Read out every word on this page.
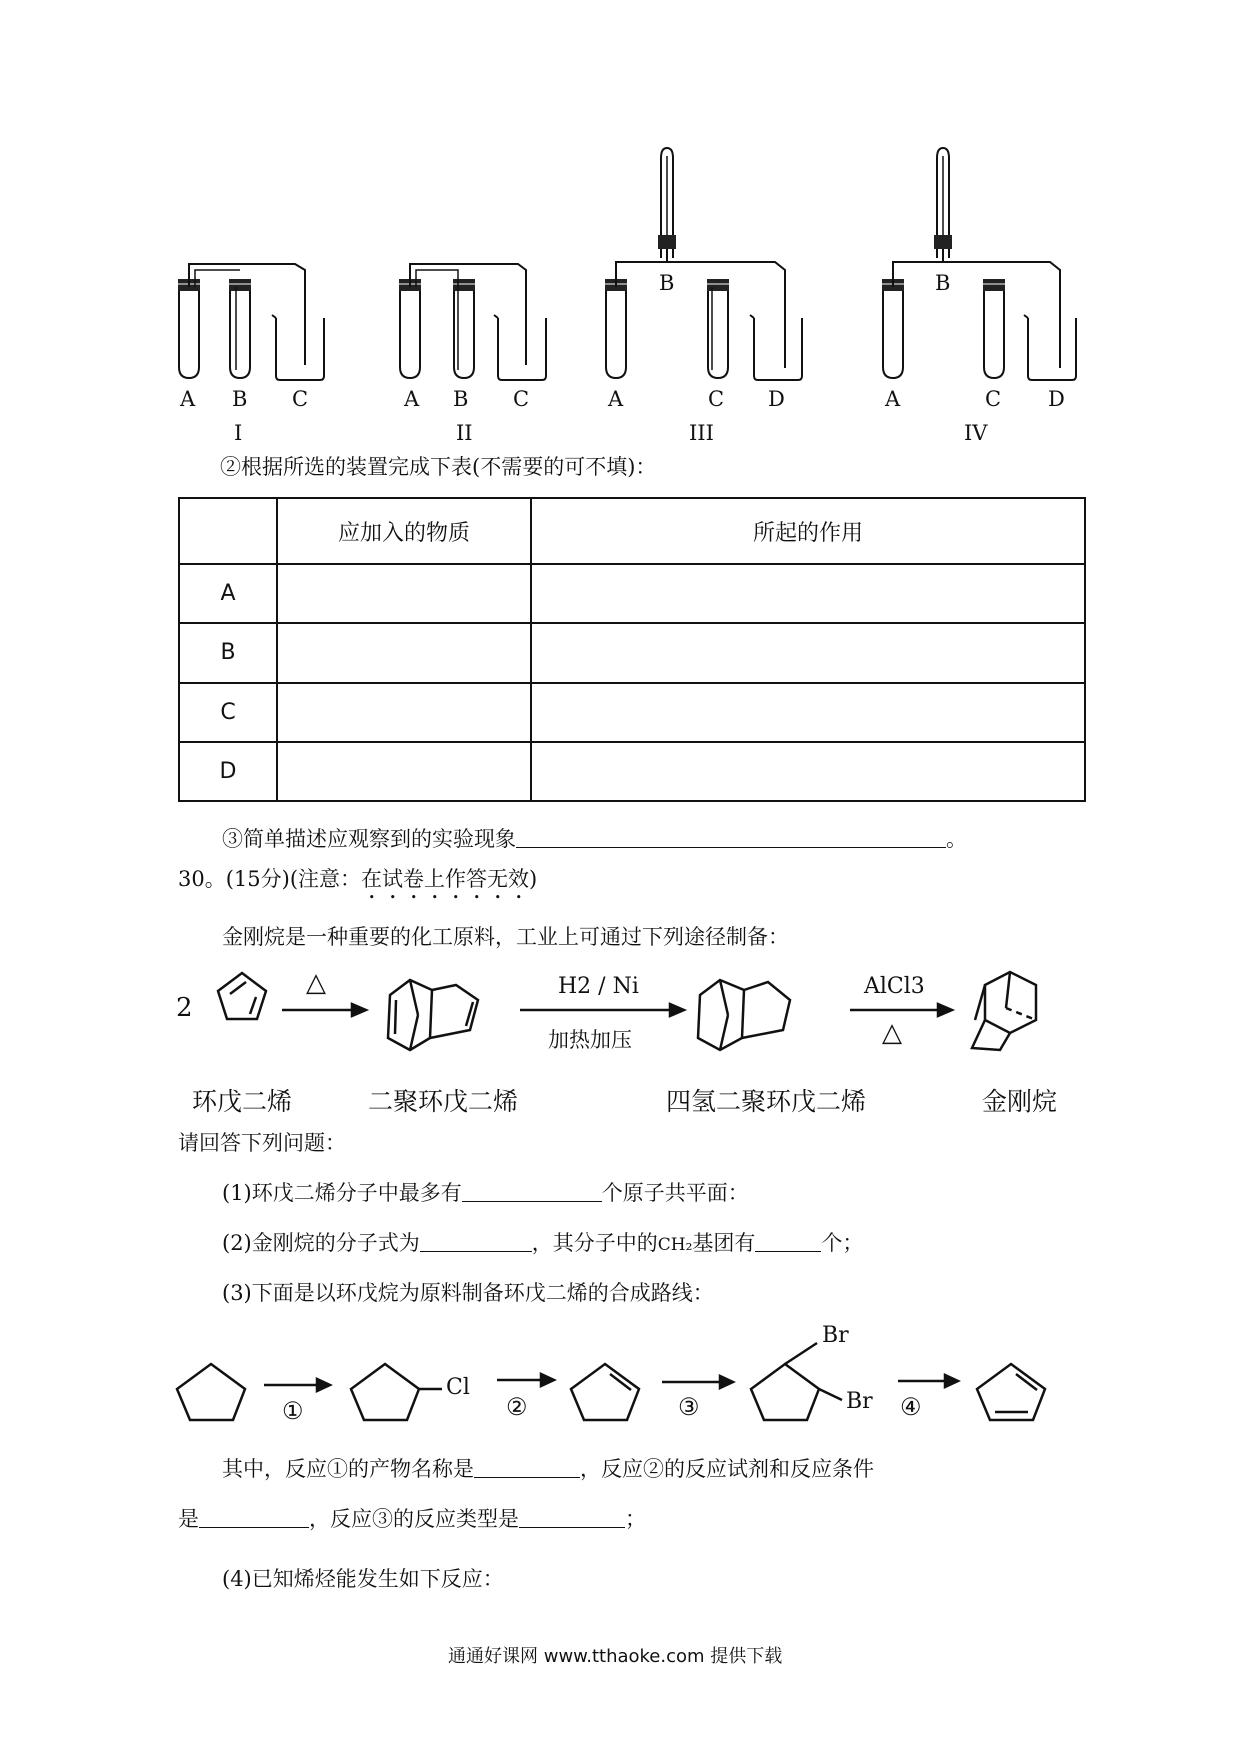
A B C
I
A B C
II
B
A	C D
III
B
A	C D
IV
②根据所选的装置完成下表(不需要的可不填)：
	应加入的物质	所起的作用
A		
B		
C		
D		
③简单描述应观察到的实验现象	。
30。(15分)(注意：在试卷上作答无效)
金刚烷是一种重要的化工原料，工业上可通过下列途径制备：
2
△	H2 / Ni
加热加压
AlCl3
△
环戊二烯	二聚环戊二烯	四氢二聚环戊二烯	金刚烷
请回答下列问题：
(1)环戊二烯分子中最多有	个原子共平面：
(2)金刚烷的分子式为	，其分子中的CH₂基团有	个；
(3)下面是以环戊烷为原料制备环戊二烯的合成路线：
Cl
Br
Br
①	②	③	④
其中，反应①的产物名称是	，反应②的反应试剂和反应条件
是	，反应③的反应类型是	；
(4)已知烯烃能发生如下反应：
通通好课网 www.tthaoke.com 提供下载
